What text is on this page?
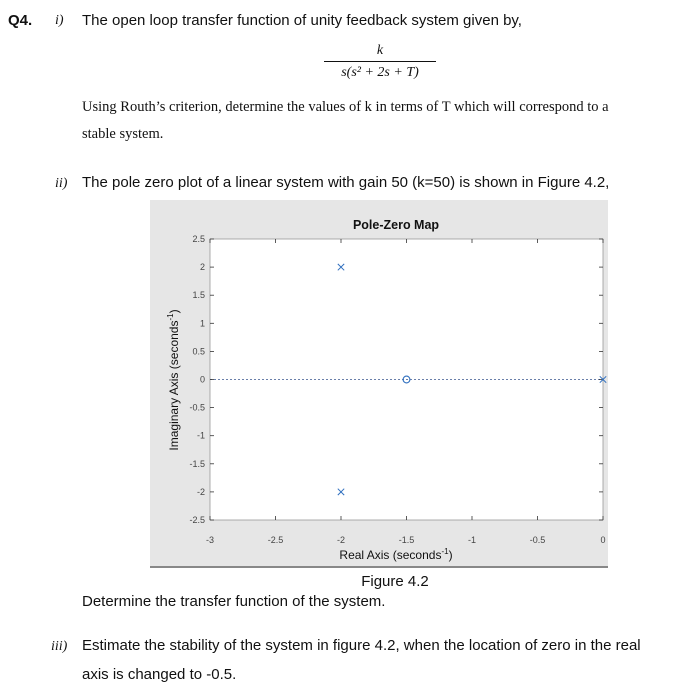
Q4. i) The open loop transfer function of unity feedback system given by,
k
s(s² + 2s + T)
Using Routh’s criterion, determine the values of k in terms of T which will correspond to a
stable system.
ii) The pole zero plot of a linear system with gain 50 (k=50) is shown in Figure 4.2,
-3	-2.5	-2	-1.5	-1	-0.5	0
2.5
2
1.5
1
0.5
0
-0.5
-1
-1.5
-2
-2.5
Pole-Zero Map
Real Axis (seconds$^{-1}$)
Imaginary Axis (seconds$^{-1}$)
Figure 4.2
Determine the transfer function of the system.
iii) Estimate the stability of the system in figure 4.2, when the location of zero in the real
axis is changed to -0.5.
